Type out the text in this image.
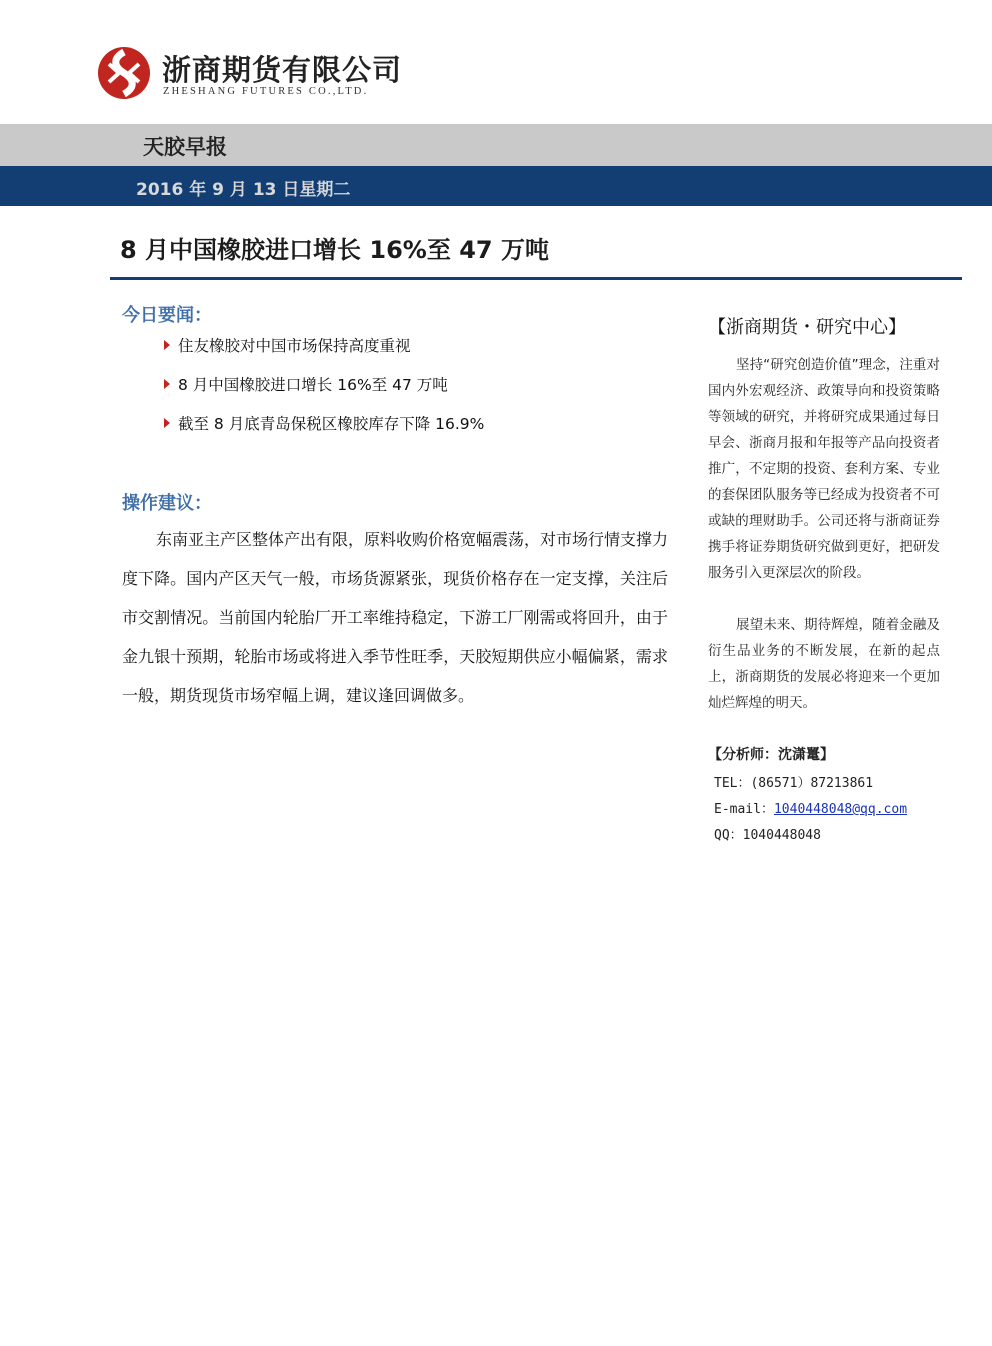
浙商期货有限公司
ZHESHANG FUTURES CO.,LTD.
天胶早报
2016 年 9 月 13 日星期二
8 月中国橡胶进口增长 16%至 47 万吨
今日要闻：
住友橡胶对中国市场保持高度重视
8 月中国橡胶进口增长 16%至 47 万吨
截至 8 月底青岛保税区橡胶库存下降 16.9%
操作建议：

东南亚主产区整体产出有限，原料收购价格宽幅震荡，对市场行情支撑力度下降。国内产区天气一般，市场货源紧张，现货价格存在一定支撑，关注后市交割情况。当前国内轮胎厂开工率维持稳定，下游工厂刚需或将回升，由于金九银十预期，轮胎市场或将进入季节性旺季，天胶短期供应小幅偏紧，需求一般，期货现货市场窄幅上调，建议逢回调做多。

【浙商期货・研究中心】

坚持“研究创造价值”理念，注重对国内外宏观经济、政策导向和投资策略等领域的研究，并将研究成果通过每日早会、浙商月报和年报等产品向投资者推广，不定期的投资、套利方案、专业的套保团队服务等已经成为投资者不可或缺的理财助手。公司还将与浙商证券携手将证券期货研究做到更好，把研发服务引入更深层次的阶段。

展望未来、期待辉煌，随着金融及衍生品业务的不断发展，在新的起点上，浙商期货的发展必将迎来一个更加灿烂辉煌的明天。

【分析师：沈潇鼍】
TEL：(86571）87213861
E-mail：1040448048@qq.com
QQ：1040448048
